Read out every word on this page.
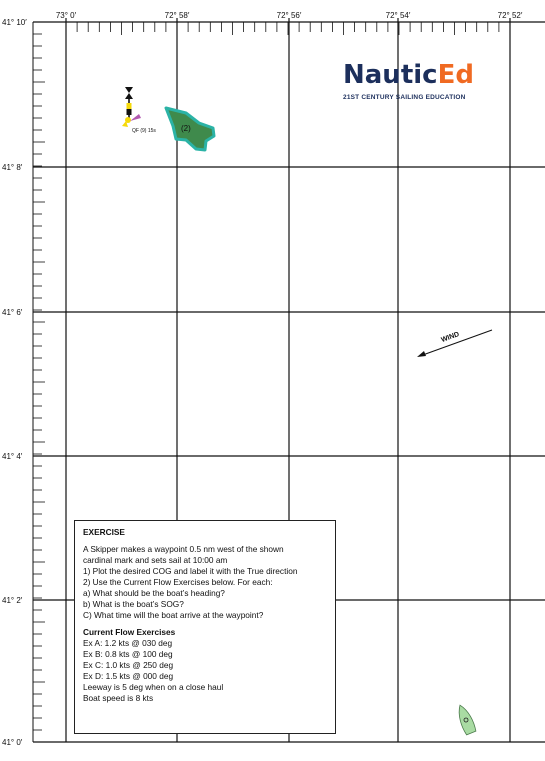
73° 0′	72° 58′	72° 56′	72° 54′	72° 52′
41° 10′
41° 8′
41° 6′
41° 4′
41° 2′
41° 0′
(2)
QF (9) 15s
WIND
NauticEd
21ST CENTURY SAILING EDUCATION
EXERCISE
A Skipper makes a waypoint 0.5 nm west of the shown
cardinal mark and sets sail at 10:00 am
1) Plot the desired COG and label it with the True direction
2) Use the Current Flow Exercises below. For each:
a) What should be the boat’s heading?
b) What is the boat’s SOG?
C) What time will the boat arrive at the waypoint?
Current Flow Exercises
Ex A: 1.2 kts @ 030 deg
Ex B: 0.8 kts @ 100 deg
Ex C: 1.0 kts @ 250 deg
Ex D: 1.5 kts @ 000 deg
Leeway is 5 deg when on a close haul
Boat speed is 8 kts
